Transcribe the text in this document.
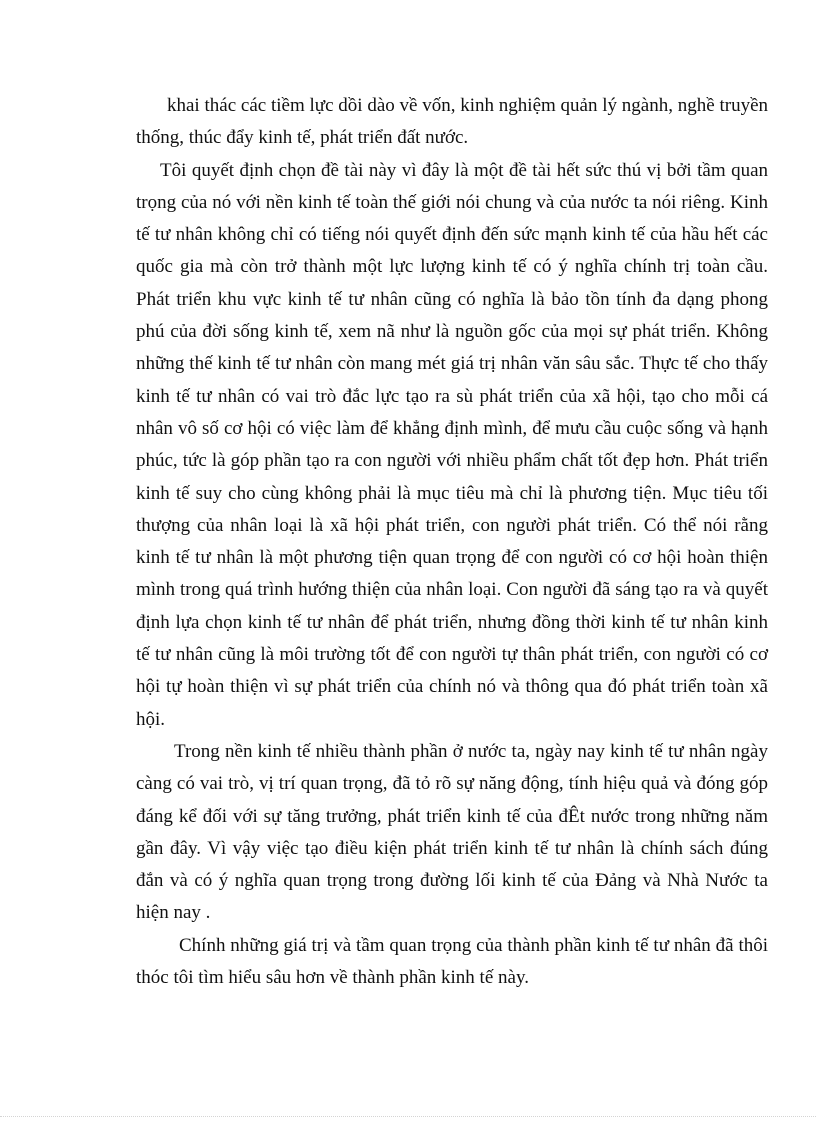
khai thác các tiềm lực dồi dào về vốn, kinh nghiệm quản lý ngành, nghề truyền thống, thúc đẩy kinh tế, phát triển đất nước.

Tôi quyết định chọn đề tài này vì đây là một đề tài hết sức thú vị bởi tầm quan trọng của nó với nền kinh tế toàn thế giới nói chung và của nước ta nói riêng. Kinh tế tư nhân không chỉ có tiếng nói quyết định đến sức mạnh kinh tế của hầu hết các quốc gia mà còn trở thành một lực lượng kinh tế có ý nghĩa chính trị toàn cầu. Phát triển khu vực kinh tế tư nhân cũng có nghĩa là bảo tồn tính đa dạng phong phú của đời sống kinh tế, xem nã như là nguồn gốc của mọi sự phát triển. Không những thế kinh tế tư nhân còn mang mét giá trị nhân văn sâu sắc. Thực tế cho thấy kinh tế tư nhân có vai trò đắc lực tạo ra sù phát triển của xã hội, tạo cho mỗi cá nhân vô số cơ hội có việc làm để khẳng định mình, để mưu cầu cuộc sống và hạnh phúc, tức là góp phần tạo ra con người với nhiều phẩm chất tốt đẹp hơn. Phát triển kinh tế suy cho cùng không phải là mục tiêu mà chỉ là phương tiện. Mục tiêu tối thượng của nhân loại là xã hội phát triển, con người phát triển. Có thể nói rằng kinh tế tư nhân là một phương tiện quan trọng để con người có cơ hội hoàn thiện mình trong quá trình hướng thiện của nhân loại. Con người đã sáng tạo ra và quyết định lựa chọn kinh tế tư nhân để phát triển, nhưng đồng thời kinh tế tư nhân kinh tế tư nhân cũng là môi trường tốt để con người tự thân phát triển, con người có cơ hội tự hoàn thiện vì sự phát triển của chính nó và thông qua đó phát triển toàn xã hội.

Trong nền kinh tế nhiều thành phần ở nước ta, ngày nay kinh tế tư nhân ngày càng có vai trò, vị trí quan trọng, đã tỏ rõ sự năng động, tính hiệu quả và đóng góp đáng kể đối với sự tăng trưởng, phát triển kinh tế của đÊt nước trong những năm gần đây. Vì vậy việc tạo điều kiện phát triển kinh tế tư nhân là chính sách đúng đắn và có ý nghĩa quan trọng trong đường lối kinh tế của Đảng và Nhà Nước ta hiện nay .

Chính những giá trị và tầm quan trọng của thành phần kinh tế tư nhân đã thôi thóc tôi tìm hiểu sâu hơn về thành phần kinh tế này.
